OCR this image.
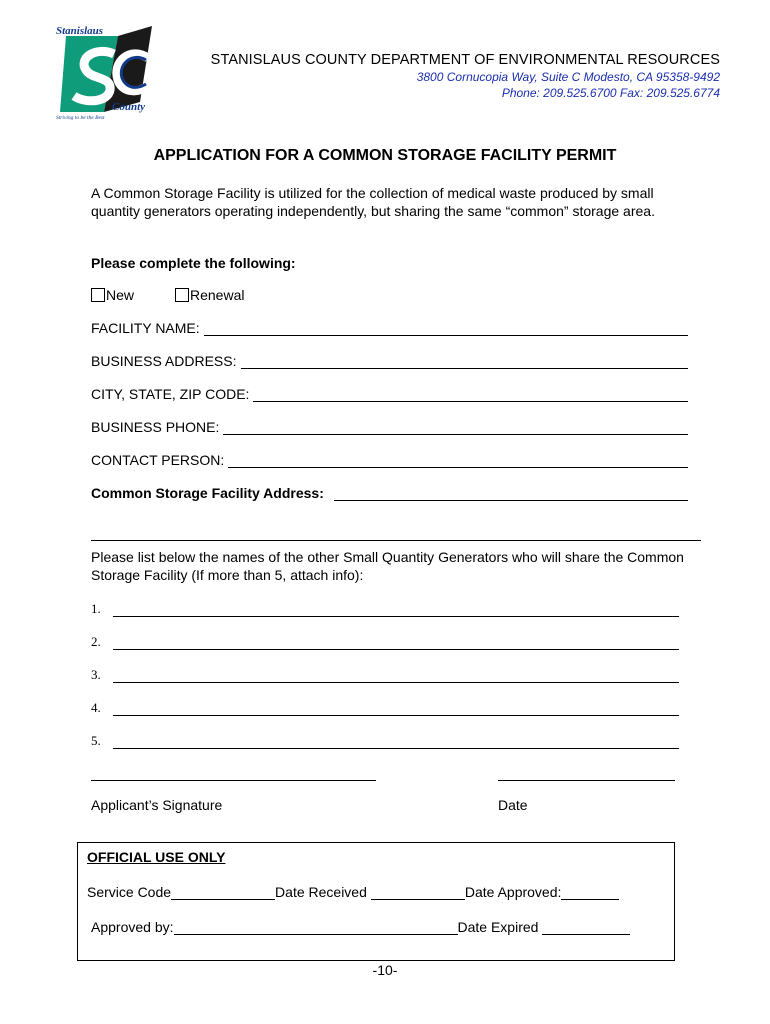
Stanislaus
County
Striving to be the Best
STANISLAUS COUNTY DEPARTMENT OF ENVIRONMENTAL RESOURCES
3800 Cornucopia Way, Suite C Modesto, CA 95358-9492
Phone: 209.525.6700 Fax: 209.525.6774
APPLICATION FOR A COMMON STORAGE FACILITY PERMIT
A Common Storage Facility is utilized for the collection of medical waste produced by small quantity generators operating independently, but sharing the same “common” storage area.
Please complete the following:
New	Renewal
FACILITY NAME:
BUSINESS ADDRESS:
CITY, STATE, ZIP CODE:
BUSINESS PHONE:
CONTACT PERSON:
Common Storage Facility Address:
Please list below the names of the other Small Quantity Generators who will share the Common Storage Facility (If more than 5, attach info):
1.
2.
3.
4.
5.
Applicant’s Signature	Date
OFFICIAL USE ONLY
Service Code	Date Received	Date Approved:
Approved by:	Date Expired
-10-
